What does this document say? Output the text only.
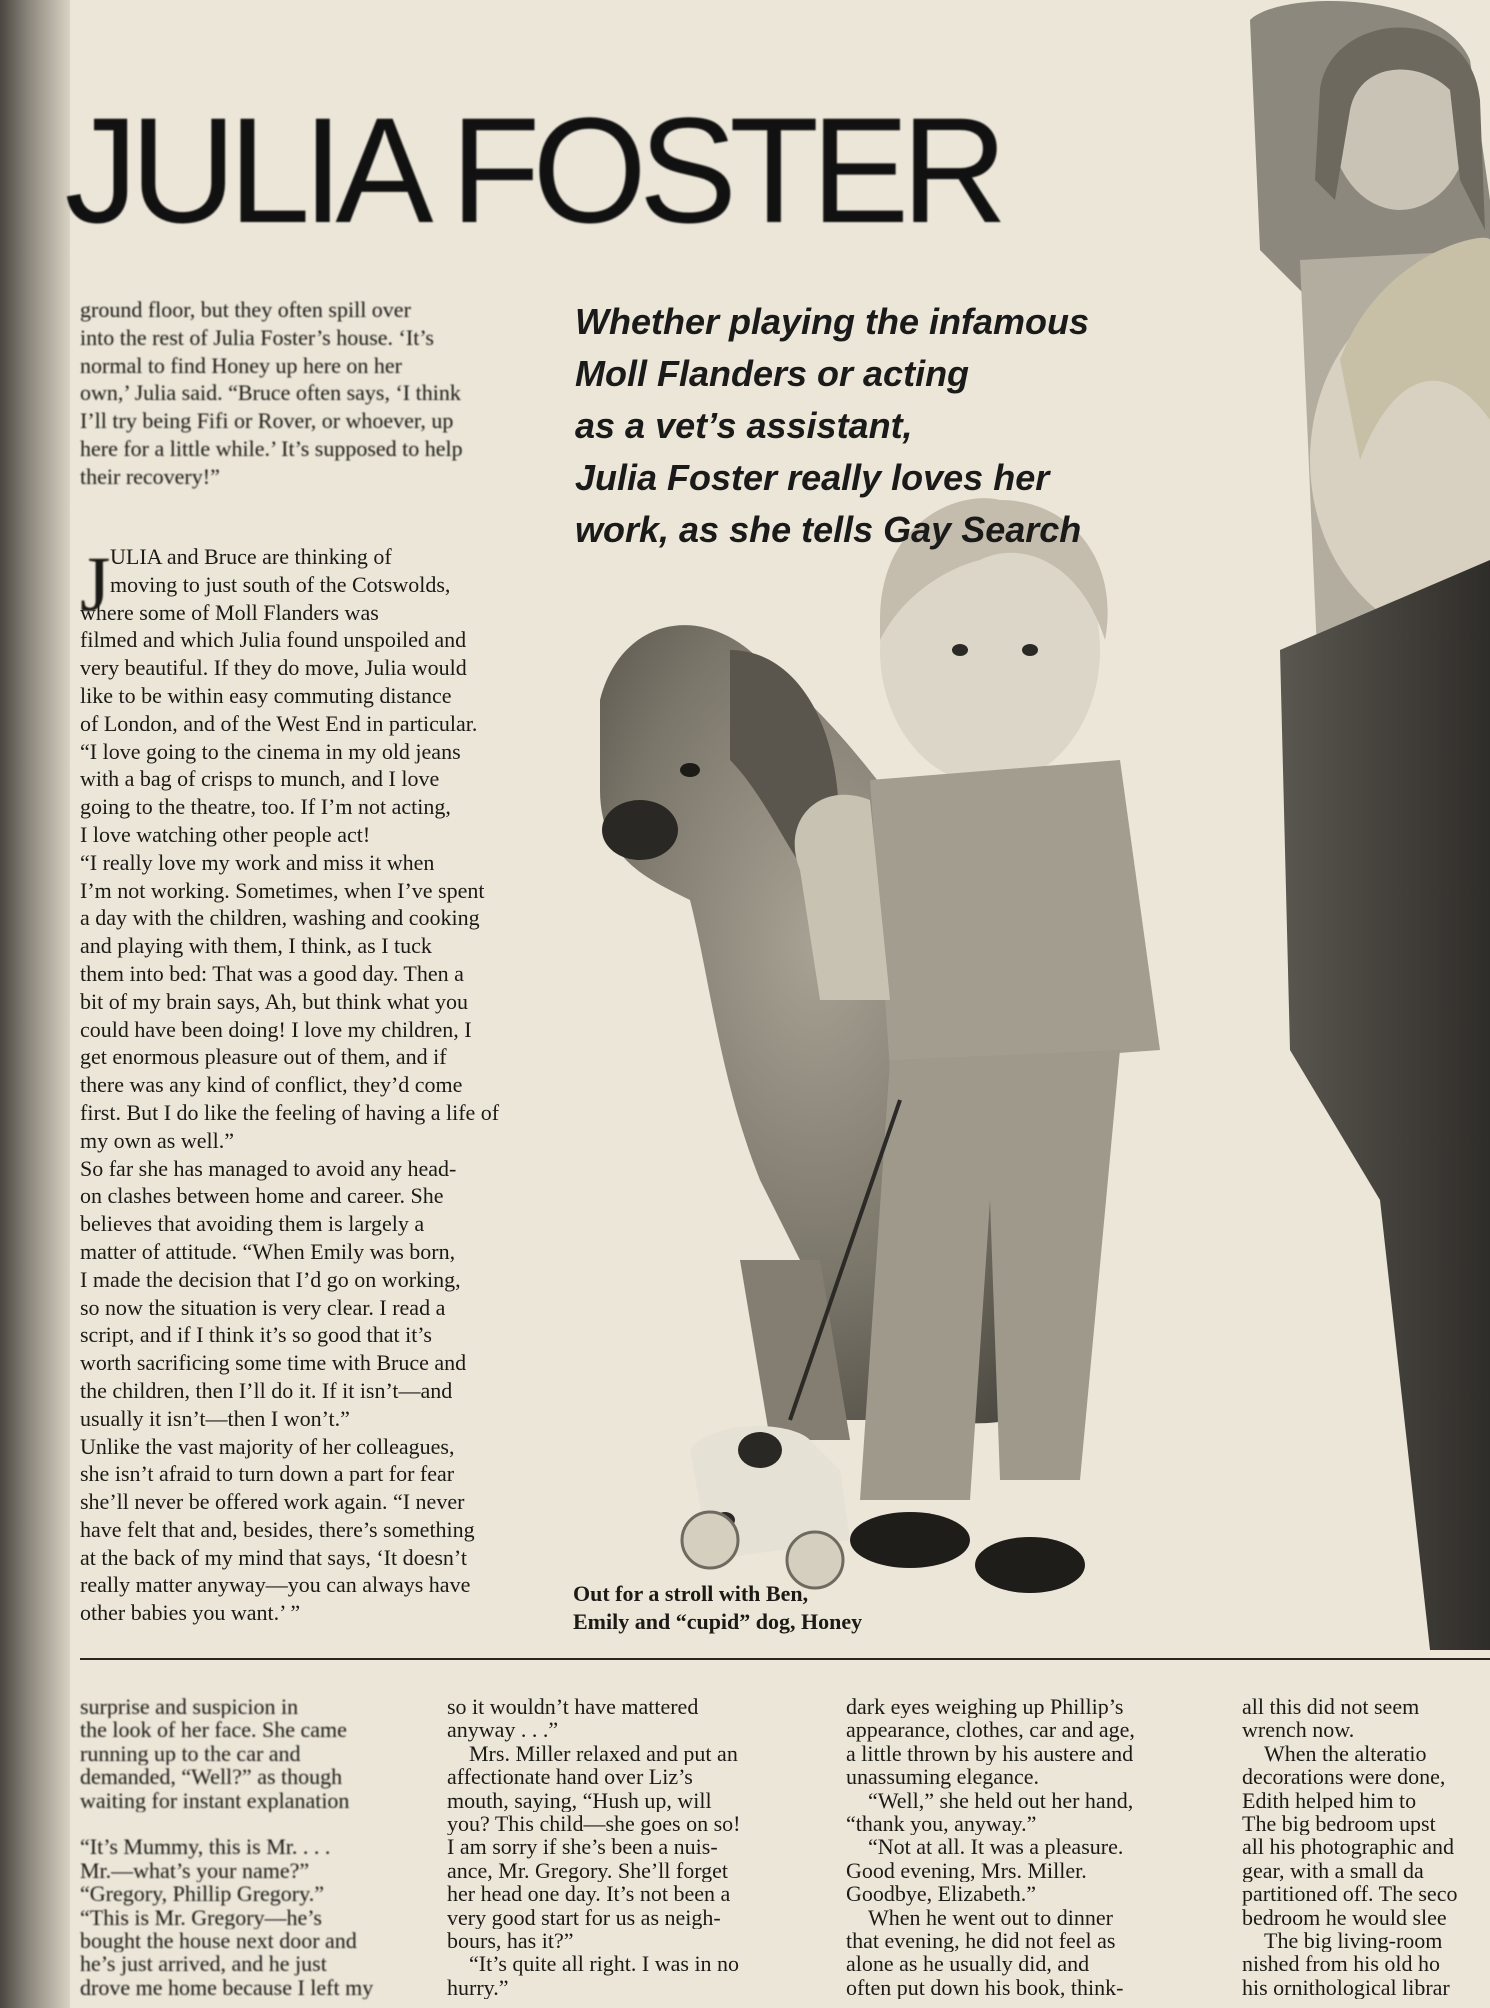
JULIA FOSTER
Whether playing the infamous
Moll Flanders or acting
as a vet’s assistant,
Julia Foster really loves her
work, as she tells Gay Search
ground floor, but they often spill over
into the rest of Julia Foster’s house. ‘It’s
normal to find Honey up here on her
own,’ Julia said. “Bruce often says, ‘I think
I’ll try being Fifi or Rover, or whoever, up
here for a little while.’ It’s supposed to help
their recovery!”
J ULIA and Bruce are thinking of
moving to just south of the Cotswolds,
where some of Moll Flanders was
filmed and which Julia found unspoiled and
very beautiful. If they do move, Julia would
like to be within easy commuting distance
of London, and of the West End in particular.
“I love going to the cinema in my old jeans
with a bag of crisps to munch, and I love
going to the theatre, too. If I’m not acting,
I love watching other people act!
“I really love my work and miss it when
I’m not working. Sometimes, when I’ve spent
a day with the children, washing and cooking
and playing with them, I think, as I tuck
them into bed: That was a good day. Then a
bit of my brain says, Ah, but think what you
could have been doing! I love my children, I
get enormous pleasure out of them, and if
there was any kind of conflict, they’d come
first. But I do like the feeling of having a life of
my own as well.”
So far she has managed to avoid any head-
on clashes between home and career. She
believes that avoiding them is largely a
matter of attitude. “When Emily was born,
I made the decision that I’d go on working,
so now the situation is very clear. I read a
script, and if I think it’s so good that it’s
worth sacrificing some time with Bruce and
the children, then I’ll do it. If it isn’t—and
usually it isn’t—then I won’t.”
Unlike the vast majority of her colleagues,
she isn’t afraid to turn down a part for fear
she’ll never be offered work again. “I never
have felt that and, besides, there’s something
at the back of my mind that says, ‘It doesn’t
really matter anyway—you can always have
other babies you want.’ ”
Out for a stroll with Ben,
Emily and “cupid” dog, Honey
surprise and suspicion in
the look of her face. She came
running up to the car and
demanded, “Well?” as though
waiting for instant explanation

“It’s Mummy, this is Mr. . . .
Mr.—what’s your name?”
“Gregory, Phillip Gregory.”
“This is Mr. Gregory—he’s
bought the house next door and
he’s just arrived, and he just
drove me home because I left my
so it wouldn’t have mattered
anyway . . .”
Mrs. Miller relaxed and put an
affectionate hand over Liz’s
mouth, saying, “Hush up, will
you? This child—she goes on so!
I am sorry if she’s been a nuis-
ance, Mr. Gregory. She’ll forget
her head one day. It’s not been a
very good start for us as neigh-
bours, has it?”
“It’s quite all right. I was in no
hurry.”
dark eyes weighing up Phillip’s
appearance, clothes, car and age,
a little thrown by his austere and
unassuming elegance.
“Well,” she held out her hand,
“thank you, anyway.”
“Not at all. It was a pleasure.
Good evening, Mrs. Miller.
Goodbye, Elizabeth.”
When he went out to dinner
that evening, he did not feel as
alone as he usually did, and
often put down his book, think-
all this did not seem
wrench now.
When the alteratio
decorations were done,
Edith helped him to
The big bedroom upst
all his photographic and
gear, with a small da
partitioned off. The seco
bedroom he would slee
The big living-room
nished from his old ho
his ornithological librar
